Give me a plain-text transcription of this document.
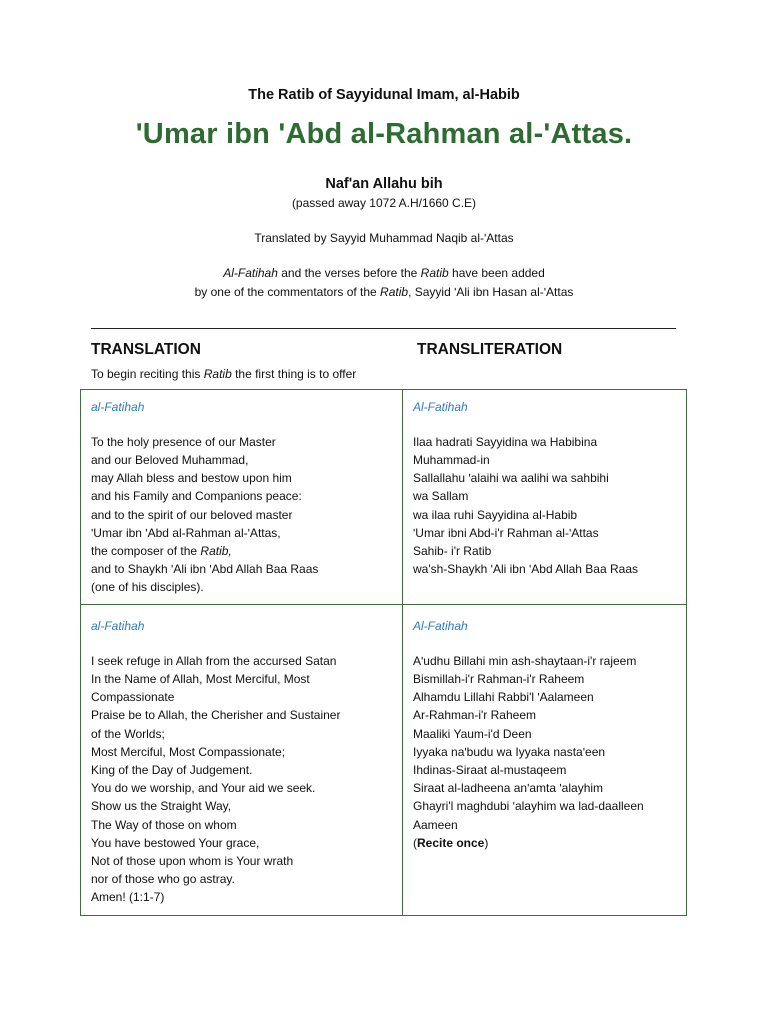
The Ratib of Sayyidunal Imam, al-Habib
ʹUmar ibn ʹAbd al-Rahman al-ʹAttas.
Nafʹan Allahu bih
(passed away 1072 A.H/1660 C.E)
Translated by Sayyid Muhammad Naqib al-ʹAttas
Al-Fatihah and the verses before the Ratib have been added
by one of the commentators of the Ratib, Sayyid ʹAli ibn Hasan al-ʹAttas
TRANSLATION	TRANSLITERATION
To begin reciting this Ratib the first thing is to offer
al-Fatihah
To the holy presence of our Master
and our Beloved Muhammad,
may Allah bless and bestow upon him
and his Family and Companions peace:
and to the spirit of our beloved master
ʹUmar ibn ʹAbd al-Rahman al-ʹAttas,
the composer of the Ratib,
and to Shaykh ʹAli ibn ʹAbd Allah Baa Raas
(one of his disciples).
Al-Fatihah
Ilaa hadrati Sayyidina wa Habibina
Muhammad-in
Sallallahu ʹalaihi wa aalihi wa sahbihi
wa Sallam
wa ilaa ruhi Sayyidina al-Habib
ʹUmar ibni Abd-i'r Rahman al-ʹAttas
Sahib- i'r Ratib
wa'sh-Shaykh ʹAli ibn ʹAbd Allah Baa Raas
al-Fatihah
I seek refuge in Allah from the accursed Satan
In the Name of Allah, Most Merciful, Most
Compassionate
Praise be to Allah, the Cherisher and Sustainer
of the Worlds;
Most Merciful, Most Compassionate;
King of the Day of Judgement.
You do we worship, and Your aid we seek.
Show us the Straight Way,
The Way of those on whom
You have bestowed Your grace,
Not of those upon whom is Your wrath
nor of those who go astray.
Amen! (1:1-7)
Al-Fatihah
Aʹudhu Billahi min ash-shaytaan-i'r rajeem
Bismillah-i'r Rahman-i'r Raheem
Alhamdu Lillahi Rabbi'l ʹAalameen
Ar-Rahman-i'r Raheem
Maaliki Yaum-i'd Deen
Iyyaka naʹbudu wa Iyyaka nastaʹeen
Ihdinas-Siraat al-mustaqeem
Siraat al-ladheena anʹamta ʹalayhim
Ghayri'l maghdubi ʹalayhim wa lad-daalleen
Aameen
(Recite once)
